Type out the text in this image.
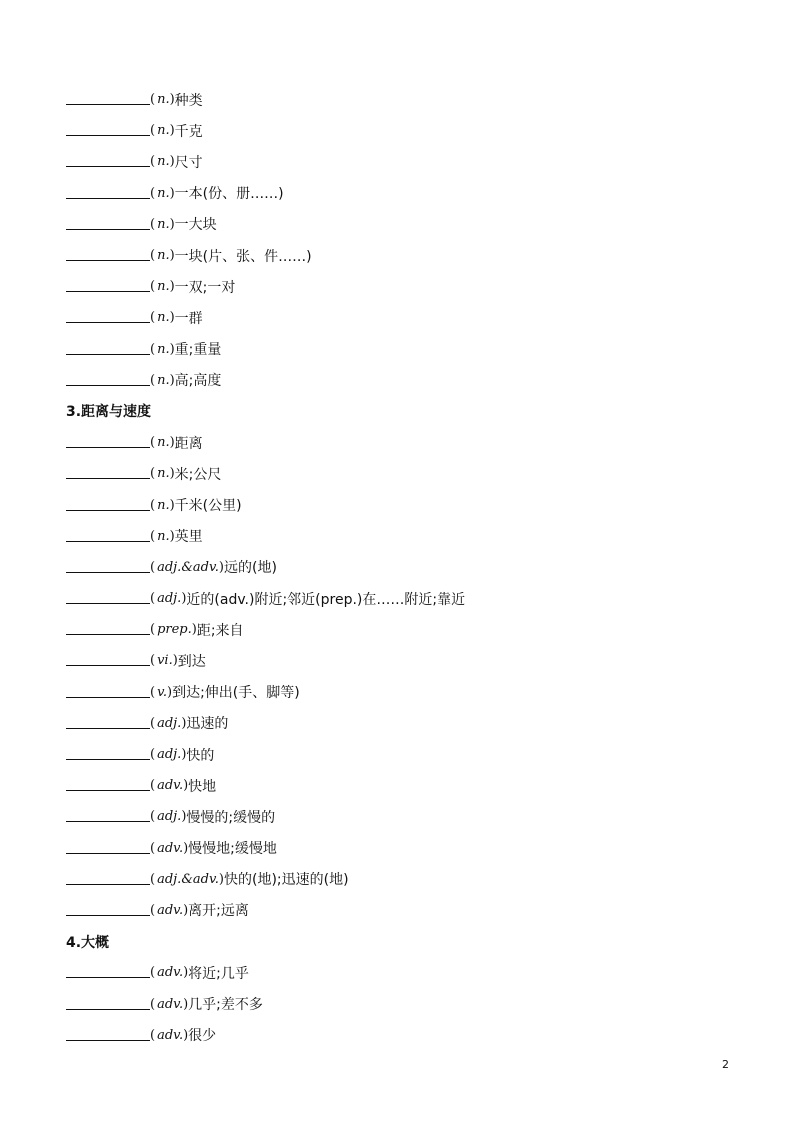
( n. ) 种类
( n. ) 千克
( n. ) 尺寸
( n. ) 一本(份、册……)
( n. ) 一大块
( n. ) 一块(片、张、件……)
( n. ) 一双;一对
( n. ) 一群
( n. ) 重;重量
( n. ) 高;高度
3.距离与速度
( n. ) 距离
( n. ) 米;公尺
( n. ) 千米(公里)
( n. ) 英里
( adj.&adv. ) 远的(地)
( adj. ) 近的(adv.)附近;邻近(prep.)在……附近;靠近
( prep. ) 距;来自
( vi. ) 到达
( v. ) 到达;伸出(手、脚等)
( adj. ) 迅速的
( adj. ) 快的
( adv. ) 快地
( adj. ) 慢慢的;缓慢的
( adv. ) 慢慢地;缓慢地
( adj.&adv. ) 快的(地);迅速的(地)
( adv. ) 离开;远离
4.大概
( adv. ) 将近;几乎
( adv. ) 几乎;差不多
( adv. ) 很少
2
